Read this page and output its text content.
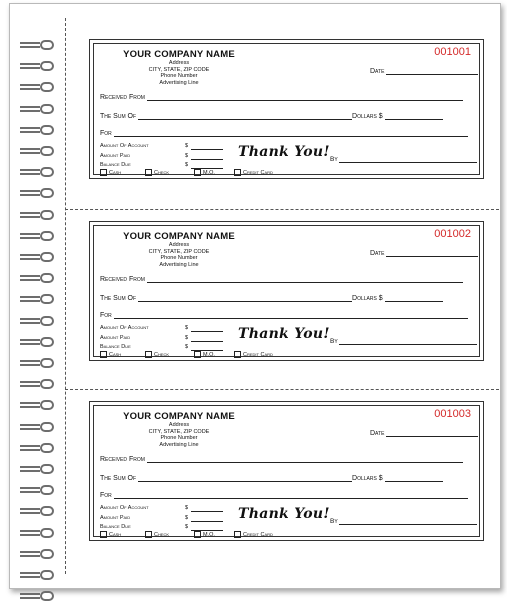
YOUR COMPANY NAME
Address
CITY, STATE, ZIP CODE
Phone Number
Advertising Line
001001
Date
Received From
The Sum Of	Dollars $
For
Amount Of Account	$
Amount Paid	$
Balance Due	$
Thank You! By
Cash	Check	M.O.	Credit Card
YOUR COMPANY NAME
Address
CITY, STATE, ZIP CODE
Phone Number
Advertising Line
001002
Date
Received From
The Sum Of	Dollars $
For
Amount Of Account	$
Amount Paid	$
Balance Due	$
Thank You! By
Cash	Check	M.O.	Credit Card
YOUR COMPANY NAME
Address
CITY, STATE, ZIP CODE
Phone Number
Advertising Line
001003
Date
Received From
The Sum Of	Dollars $
For
Amount Of Account	$
Amount Paid	$
Balance Due	$
Thank You! By
Cash	Check	M.O.	Credit Card
